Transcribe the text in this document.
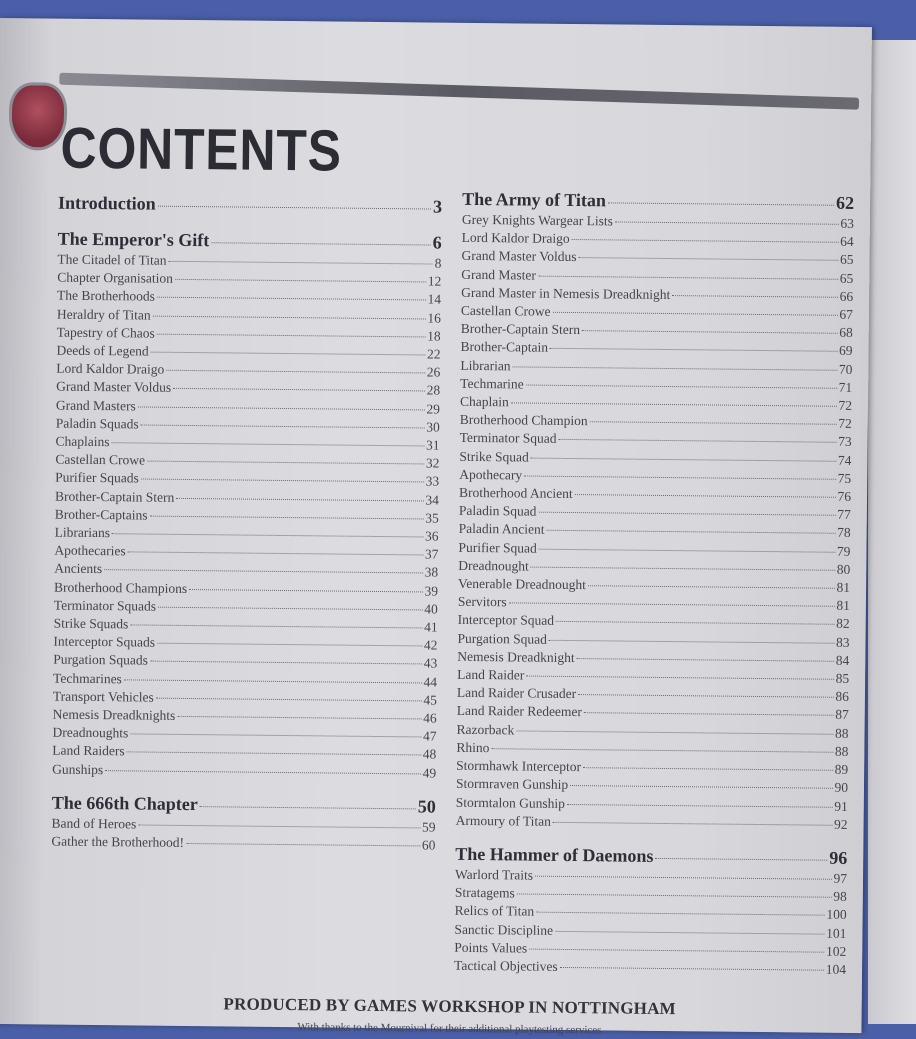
CONTENTS
Introduction	3
The Emperor's Gift	6
The Citadel of Titan	8
Chapter Organisation	12
The Brotherhoods	14
Heraldry of Titan	16
Tapestry of Chaos	18
Deeds of Legend	22
Lord Kaldor Draigo	26
Grand Master Voldus	28
Grand Masters	29
Paladin Squads	30
Chaplains	31
Castellan Crowe	32
Purifier Squads	33
Brother-Captain Stern	34
Brother-Captains	35
Librarians	36
Apothecaries	37
Ancients	38
Brotherhood Champions	39
Terminator Squads	40
Strike Squads	41
Interceptor Squads	42
Purgation Squads	43
Techmarines	44
Transport Vehicles	45
Nemesis Dreadknights	46
Dreadnoughts	47
Land Raiders	48
Gunships	49
The 666th Chapter	50
Band of Heroes	59
Gather the Brotherhood!	60
The Army of Titan	62
Grey Knights Wargear Lists	63
Lord Kaldor Draigo	64
Grand Master Voldus	65
Grand Master	65
Grand Master in Nemesis Dreadknight	66
Castellan Crowe	67
Brother-Captain Stern	68
Brother-Captain	69
Librarian	70
Techmarine	71
Chaplain	72
Brotherhood Champion	72
Terminator Squad	73
Strike Squad	74
Apothecary	75
Brotherhood Ancient	76
Paladin Squad	77
Paladin Ancient	78
Purifier Squad	79
Dreadnought	80
Venerable Dreadnought	81
Servitors	81
Interceptor Squad	82
Purgation Squad	83
Nemesis Dreadknight	84
Land Raider	85
Land Raider Crusader	86
Land Raider Redeemer	87
Razorback	88
Rhino	88
Stormhawk Interceptor	89
Stormraven Gunship	90
Stormtalon Gunship	91
Armoury of Titan	92
The Hammer of Daemons	96
Warlord Traits	97
Stratagems	98
Relics of Titan	100
Sanctic Discipline	101
Points Values	102
Tactical Objectives	104
PRODUCED BY GAMES WORKSHOP IN NOTTINGHAM
With thanks to the Mournival for their additional playtesting services
